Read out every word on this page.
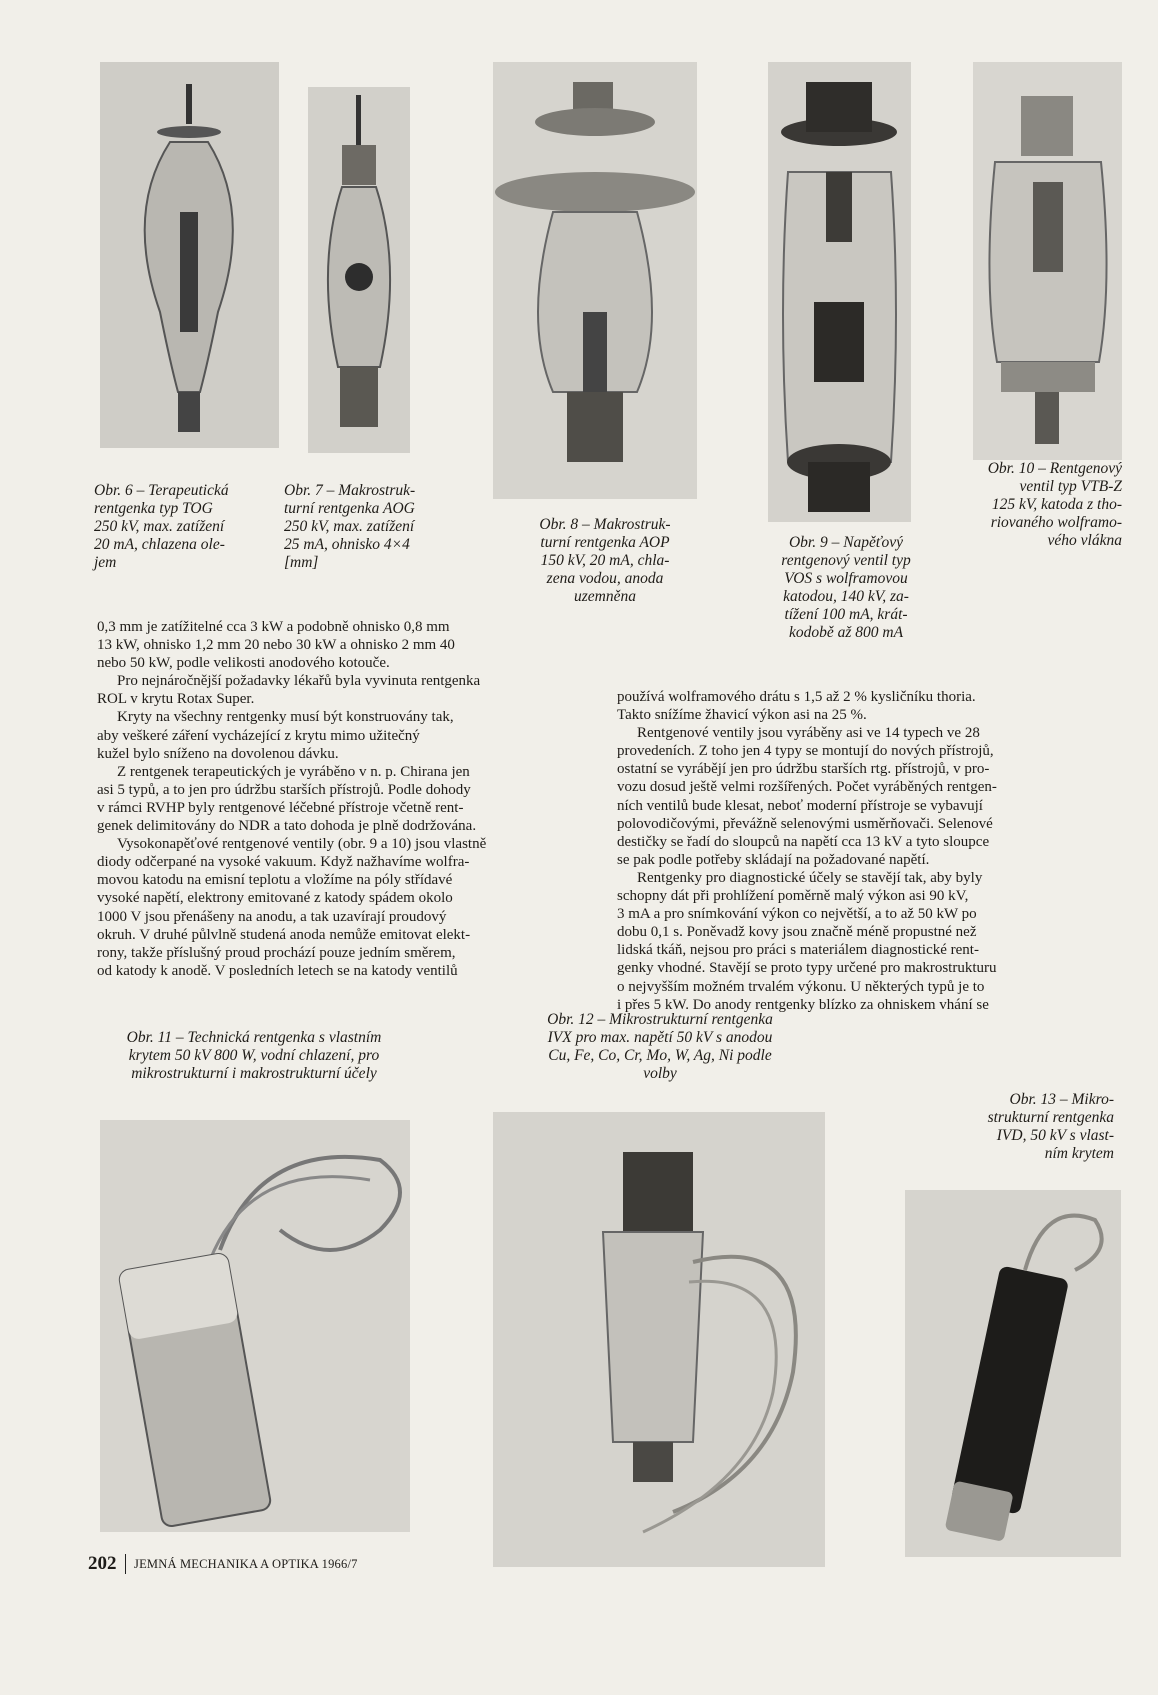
Obr. 6 – Terapeutická
rentgenka typ TOG
250 kV, max. zatížení
20 mA, chlazena ole-
jem
Obr. 7 – Makrostruk-
turní rentgenka AOG
250 kV, max. zatížení
25 mA, ohnisko 4×4
[mm]
Obr. 8 – Makrostruk-
turní rentgenka AOP
150 kV, 20 mA, chla-
zena vodou, anoda
uzemněna
Obr. 9 – Napěťový
rentgenový ventil typ
VOS s wolframovou
katodou, 140 kV, za-
tížení 100 mA, krát-
kodobě až 800 mA
Obr. 10 – Rentgenový
ventil typ VTB-Z
125 kV, katoda z tho-
riovaného wolframo-
vého vlákna
Obr. 11 – Technická rentgenka s vlastním
krytem 50 kV 800 W, vodní chlazení, pro
mikrostrukturní i makrostrukturní účely
Obr. 12 – Mikrostrukturní rentgenka
IVX pro max. napětí 50 kV s anodou
Cu, Fe, Co, Cr, Mo, W, Ag, Ni podle
volby
Obr. 13 – Mikro-
strukturní rentgenka
IVD, 50 kV s vlast-
ním krytem
0,3 mm je zatížitelné cca 3 kW a podobně ohnisko 0,8 mm
13 kW, ohnisko 1,2 mm 20 nebo 30 kW a ohnisko 2 mm 40
nebo 50 kW, podle velikosti anodového kotouče.
Pro nejnáročnější požadavky lékařů byla vyvinuta rentgenka
ROL v krytu Rotax Super.
Kryty na všechny rentgenky musí být konstruovány tak,
aby veškeré záření vycházející z krytu mimo užitečný
kužel bylo sníženo na dovolenou dávku.
Z rentgenek terapeutických je vyráběno v n. p. Chirana jen
asi 5 typů, a to jen pro údržbu starších přístrojů. Podle dohody
v rámci RVHP byly rentgenové léčebné přístroje včetně rent-
genek delimitovány do NDR a tato dohoda je plně dodržována.
Vysokonapěťové rentgenové ventily (obr. 9 a 10) jsou vlastně
diody odčerpané na vysoké vakuum. Když nažhavíme wolfra-
movou katodu na emisní teplotu a vložíme na póly střídavé
vysoké napětí, elektrony emitované z katody spádem okolo
1000 V jsou přenášeny na anodu, a tak uzavírají proudový
okruh. V druhé půlvlně studená anoda nemůže emitovat elekt-
rony, takže příslušný proud prochází pouze jedním směrem,
od katody k anodě. V posledních letech se na katody ventilů
používá wolframového drátu s 1,5 až 2 % kysličníku thoria.
Takto snížíme žhavicí výkon asi na 25 %.
Rentgenové ventily jsou vyráběny asi ve 14 typech ve 28
provedeních. Z toho jen 4 typy se montují do nových přístrojů,
ostatní se vyrábějí jen pro údržbu starších rtg. přístrojů, v pro-
vozu dosud ještě velmi rozšířených. Počet vyráběných rentgen-
ních ventilů bude klesat, neboť moderní přístroje se vybavují
polovodičovými, převážně selenovými usměrňovači. Selenové
destičky se řadí do sloupců na napětí cca 13 kV a tyto sloupce
se pak podle potřeby skládají na požadované napětí.
Rentgenky pro diagnostické účely se stavějí tak, aby byly
schopny dát při prohlížení poměrně malý výkon asi 90 kV,
3 mA a pro snímkování výkon co největší, a to až 50 kW po
dobu 0,1 s. Poněvadž kovy jsou značně méně propustné než
lidská tkáň, nejsou pro práci s materiálem diagnostické rent-
genky vhodné. Stavějí se proto typy určené pro makrostrukturu
o nejvyšším možném trvalém výkonu. U některých typů je to
i přes 5 kW. Do anody rentgenky blízko za ohniskem vhání se
202 JEMNÁ MECHANIKA A OPTIKA 1966/7
